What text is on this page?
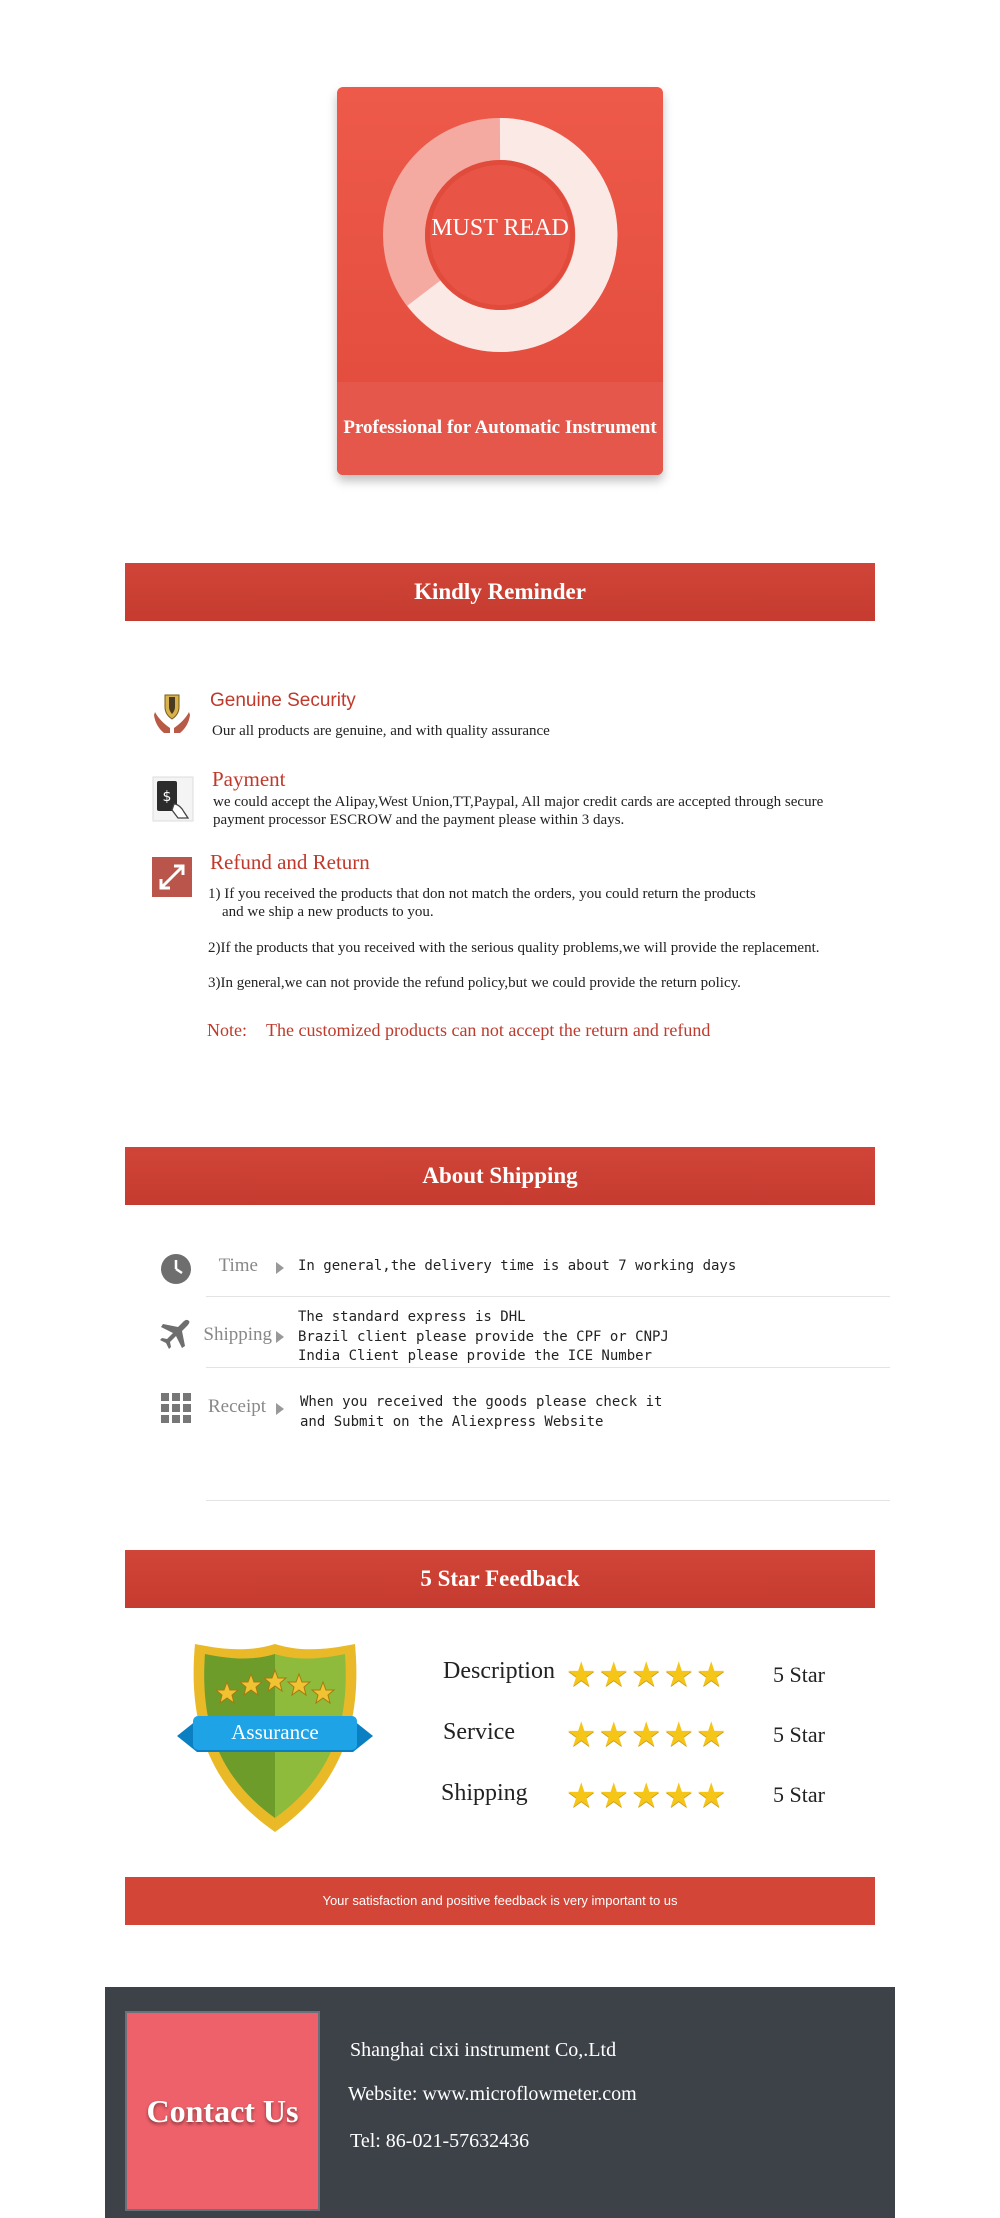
MUST READ
Professional for Automatic Instrument
Kindly Reminder
Genuine Security
Our all products are genuine, and with quality assurance
$
Payment
we could accept the Alipay,West Union,TT,Paypal, All major credit cards are accepted through secure
payment processor ESCROW and the payment please within 3 days.
Refund and Return
1) If you received the products that don not match the orders, you could return the products
and we ship a new products to you.
2)If the products that you received with the serious quality problems,we will provide the replacement.
3)In general,we can not provide the refund policy,but we could provide the return policy.
Note: The customized products can not accept the return and refund
About Shipping
Time	In general,the delivery time is about 7 working days
Shipping
The standard express is DHL
Brazil client please provide the CPF or CNPJ
India Client please provide the ICE Number
Receipt When you received the goods please check it
and Submit on the Aliexpress Website
5 Star Feedback
Assurance
Description ★★★★★ 5 Star
Service ★★★★★ 5 Star
Shipping ★★★★★ 5 Star
Your satisfaction and positive feedback is very important to us
Contact Us
Shanghai cixi instrument Co,.Ltd
Website: www.microflowmeter.com
Tel: 86-021-57632436
